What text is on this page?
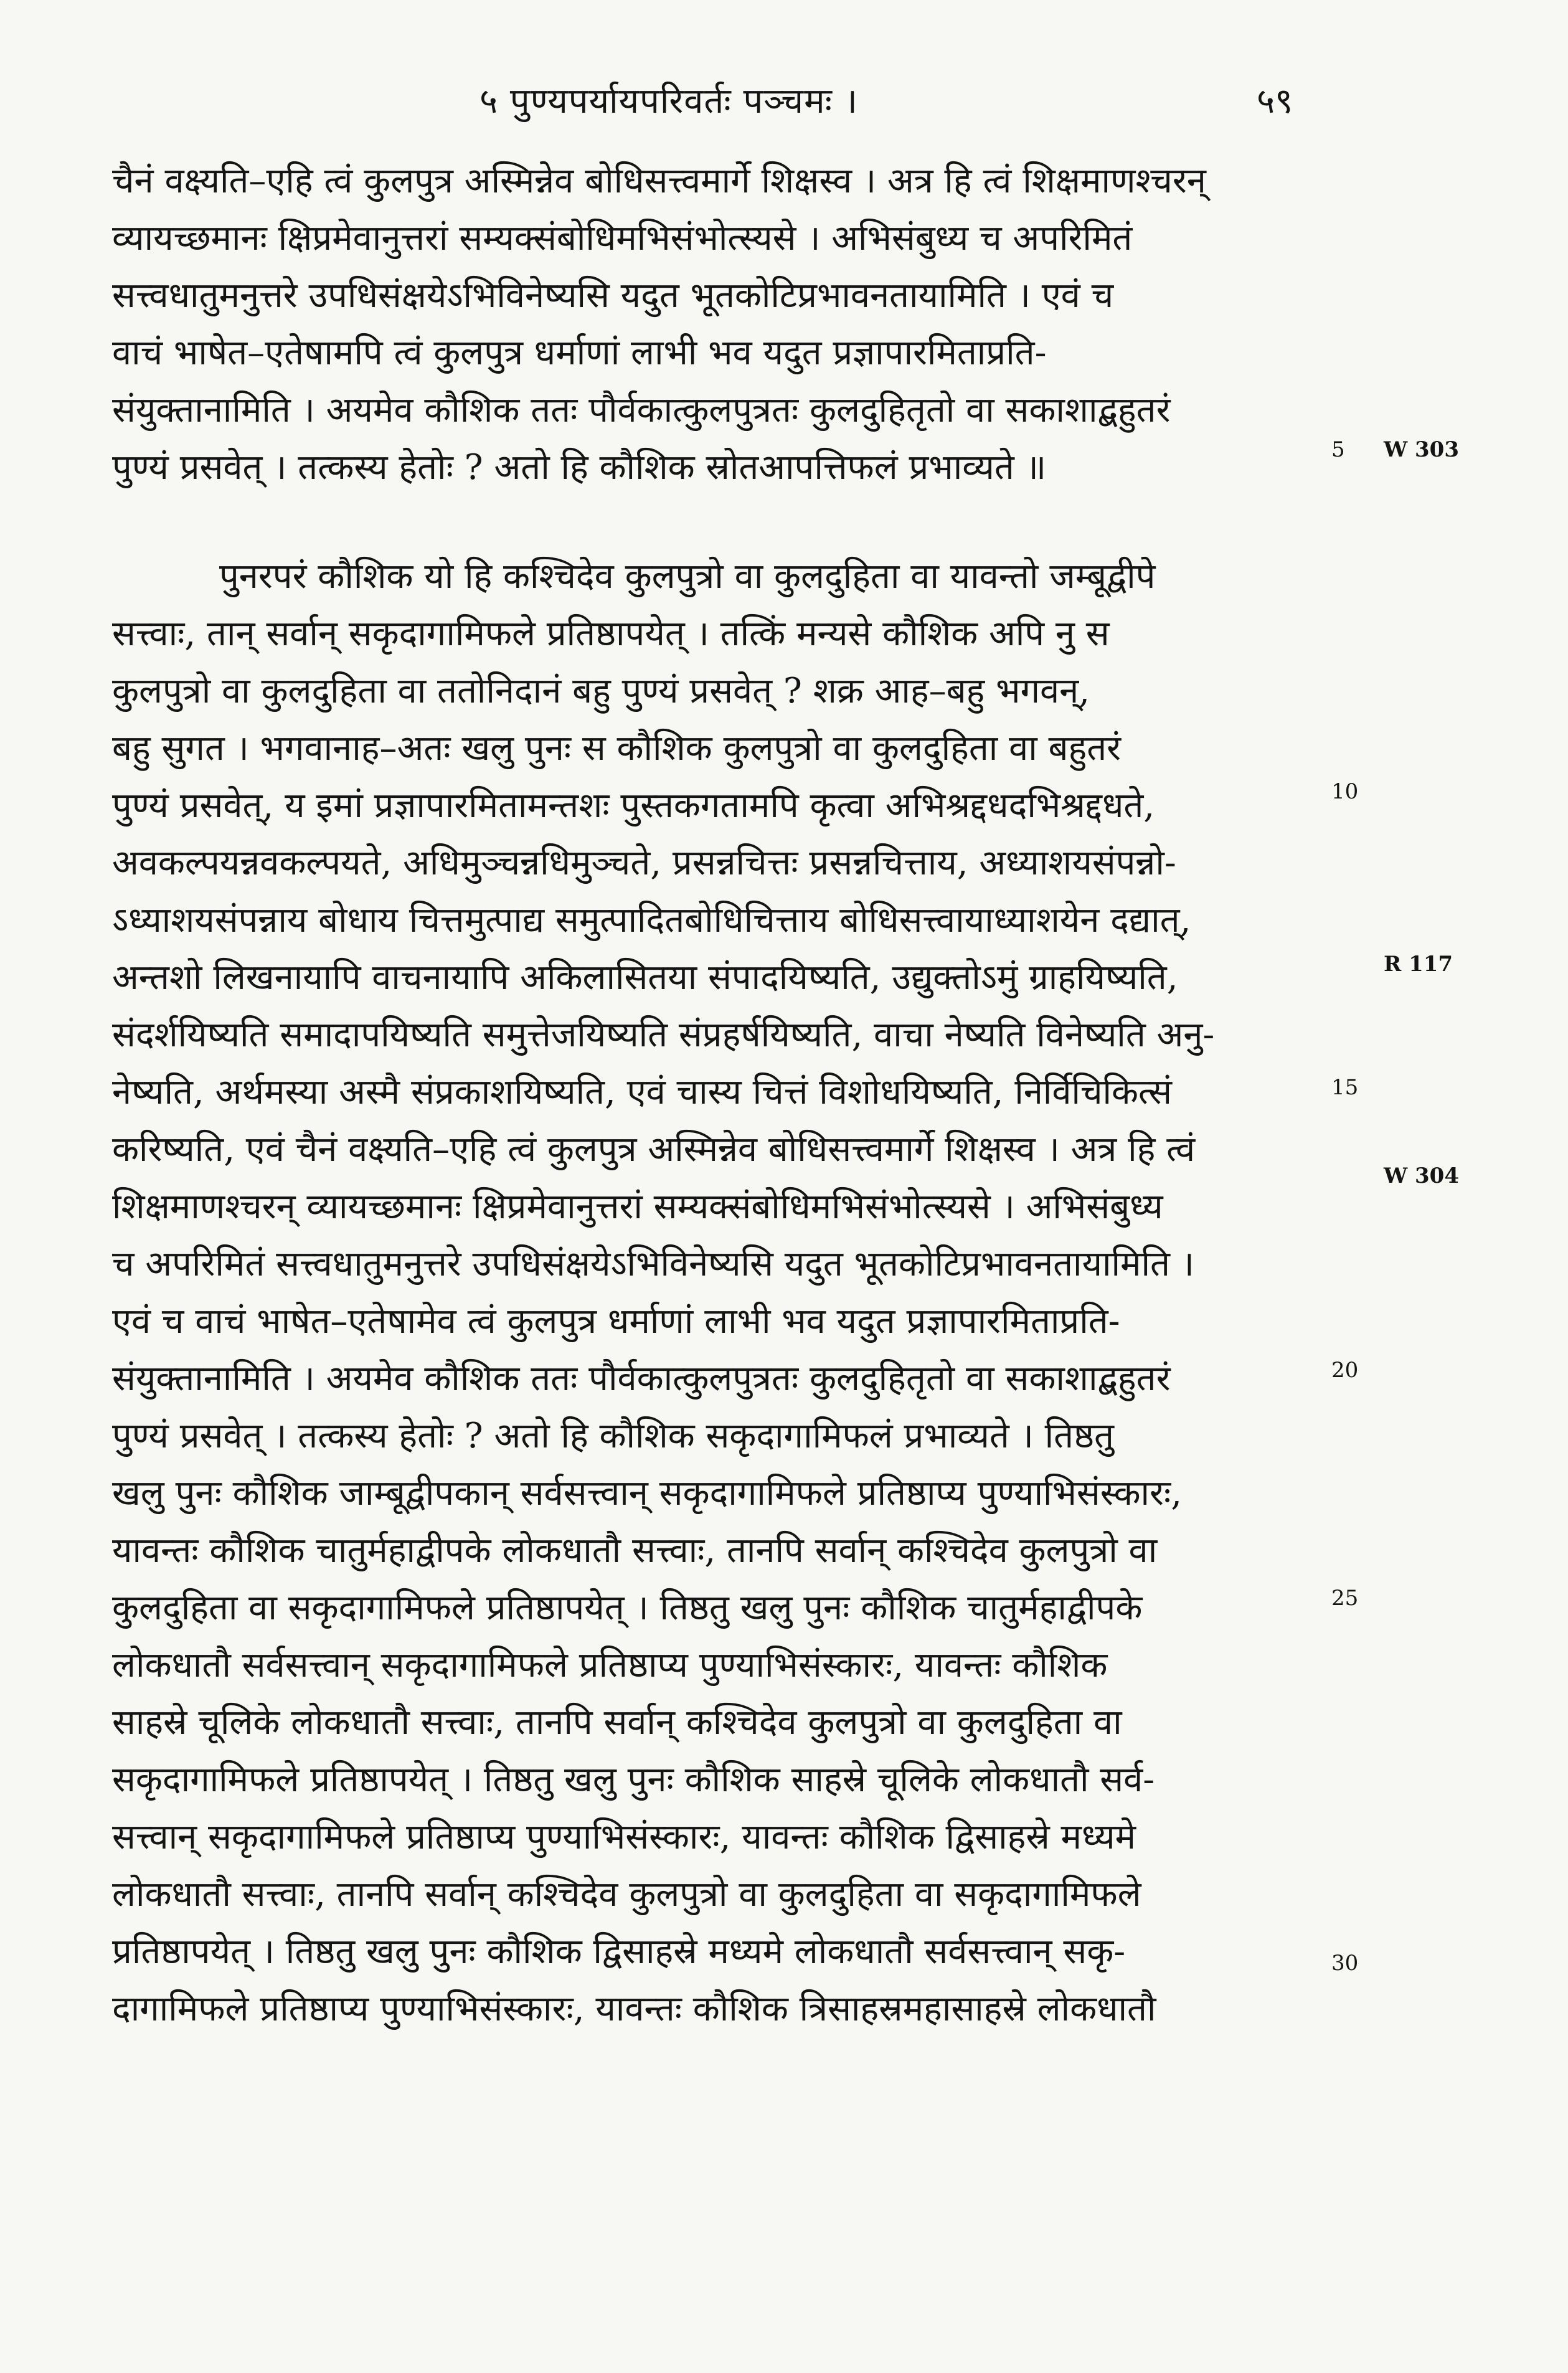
५ पुण्यपर्यायपरिवर्तः पञ्चमः ।	५९
चैनं वक्ष्यति–एहि त्वं कुलपुत्र अस्मिन्नेव बोधिसत्त्वमार्गे शिक्षस्व । अत्र हि त्वं शिक्षमाणश्चरन्
व्यायच्छमानः क्षिप्रमेवानुत्तरां सम्यक्संबोधिमभिसंभोत्स्यसे । अभिसंबुध्य च अपरिमितं
सत्त्वधातुमनुत्तरे उपधिसंक्षयेऽभिविनेष्यसि यदुत भूतकोटिप्रभावनतायामिति । एवं च
वाचं भाषेत–एतेषामपि त्वं कुलपुत्र धर्माणां लाभी भव यदुत प्रज्ञापारमिताप्रति-
संयुक्तानामिति । अयमेव कौशिक ततः पौर्वकात्कुलपुत्रतः कुलदुहितृतो वा सकाशाद्बहुतरं
पुण्यं प्रसवेत् । तत्कस्य हेतोः ? अतो हि कौशिक स्रोतआपत्तिफलं प्रभाव्यते ॥
पुनरपरं कौशिक यो हि कश्चिदेव कुलपुत्रो वा कुलदुहिता वा यावन्तो जम्बूद्वीपे
सत्त्वाः, तान् सर्वान् सकृदागामिफले प्रतिष्ठापयेत् । तत्किं मन्यसे कौशिक अपि नु स
कुलपुत्रो वा कुलदुहिता वा ततोनिदानं बहु पुण्यं प्रसवेत् ? शक्र आह–बहु भगवन्,
बहु सुगत । भगवानाह–अतः खलु पुनः स कौशिक कुलपुत्रो वा कुलदुहिता वा बहुतरं
पुण्यं प्रसवेत्, य इमां प्रज्ञापारमितामन्तशः पुस्तकगतामपि कृत्वा अभिश्रद्दधदभिश्रद्दधते,
अवकल्पयन्नवकल्पयते, अधिमुञ्चन्नधिमुञ्चते, प्रसन्नचित्तः प्रसन्नचित्ताय, अध्याशयसंपन्नो-
ऽध्याशयसंपन्नाय बोधाय चित्तमुत्पाद्य समुत्पादितबोधिचित्ताय बोधिसत्त्वायाध्याशयेन दद्यात्,
अन्तशो लिखनायापि वाचनायापि अकिलासितया संपादयिष्यति, उद्युक्तोऽमुं ग्राहयिष्यति,
संदर्शयिष्यति समादापयिष्यति समुत्तेजयिष्यति संप्रहर्षयिष्यति, वाचा नेष्यति विनेष्यति अनु-
नेष्यति, अर्थमस्या अस्मै संप्रकाशयिष्यति, एवं चास्य चित्तं विशोधयिष्यति, निर्विचिकित्सं
करिष्यति, एवं चैनं वक्ष्यति–एहि त्वं कुलपुत्र अस्मिन्नेव बोधिसत्त्वमार्गे शिक्षस्व । अत्र हि त्वं
शिक्षमाणश्चरन् व्यायच्छमानः क्षिप्रमेवानुत्तरां सम्यक्संबोधिमभिसंभोत्स्यसे । अभिसंबुध्य
च अपरिमितं सत्त्वधातुमनुत्तरे उपधिसंक्षयेऽभिविनेष्यसि यदुत भूतकोटिप्रभावनतायामिति ।
एवं च वाचं भाषेत–एतेषामेव त्वं कुलपुत्र धर्माणां लाभी भव यदुत प्रज्ञापारमिताप्रति-
संयुक्तानामिति । अयमेव कौशिक ततः पौर्वकात्कुलपुत्रतः कुलदुहितृतो वा सकाशाद्बहुतरं
पुण्यं प्रसवेत् । तत्कस्य हेतोः ? अतो हि कौशिक सकृदागामिफलं प्रभाव्यते । तिष्ठतु
खलु पुनः कौशिक जाम्बूद्वीपकान् सर्वसत्त्वान् सकृदागामिफले प्रतिष्ठाप्य पुण्याभिसंस्कारः,
यावन्तः कौशिक चातुर्महाद्वीपके लोकधातौ सत्त्वाः, तानपि सर्वान् कश्चिदेव कुलपुत्रो वा
कुलदुहिता वा सकृदागामिफले प्रतिष्ठापयेत् । तिष्ठतु खलु पुनः कौशिक चातुर्महाद्वीपके
लोकधातौ सर्वसत्त्वान् सकृदागामिफले प्रतिष्ठाप्य पुण्याभिसंस्कारः, यावन्तः कौशिक
साहस्रे चूलिके लोकधातौ सत्त्वाः, तानपि सर्वान् कश्चिदेव कुलपुत्रो वा कुलदुहिता वा
सकृदागामिफले प्रतिष्ठापयेत् । तिष्ठतु खलु पुनः कौशिक साहस्रे चूलिके लोकधातौ सर्व-
सत्त्वान् सकृदागामिफले प्रतिष्ठाप्य पुण्याभिसंस्कारः, यावन्तः कौशिक द्विसाहस्रे मध्यमे
लोकधातौ सत्त्वाः, तानपि सर्वान् कश्चिदेव कुलपुत्रो वा कुलदुहिता वा सकृदागामिफले
प्रतिष्ठापयेत् । तिष्ठतु खलु पुनः कौशिक द्विसाहस्रे मध्यमे लोकधातौ सर्वसत्त्वान् सकृ-
दागामिफले प्रतिष्ठाप्य पुण्याभिसंस्कारः, यावन्तः कौशिक त्रिसाहस्रमहासाहस्रे लोकधातौ
5
10
15
20
25
30
W 303
R 117
W 304
